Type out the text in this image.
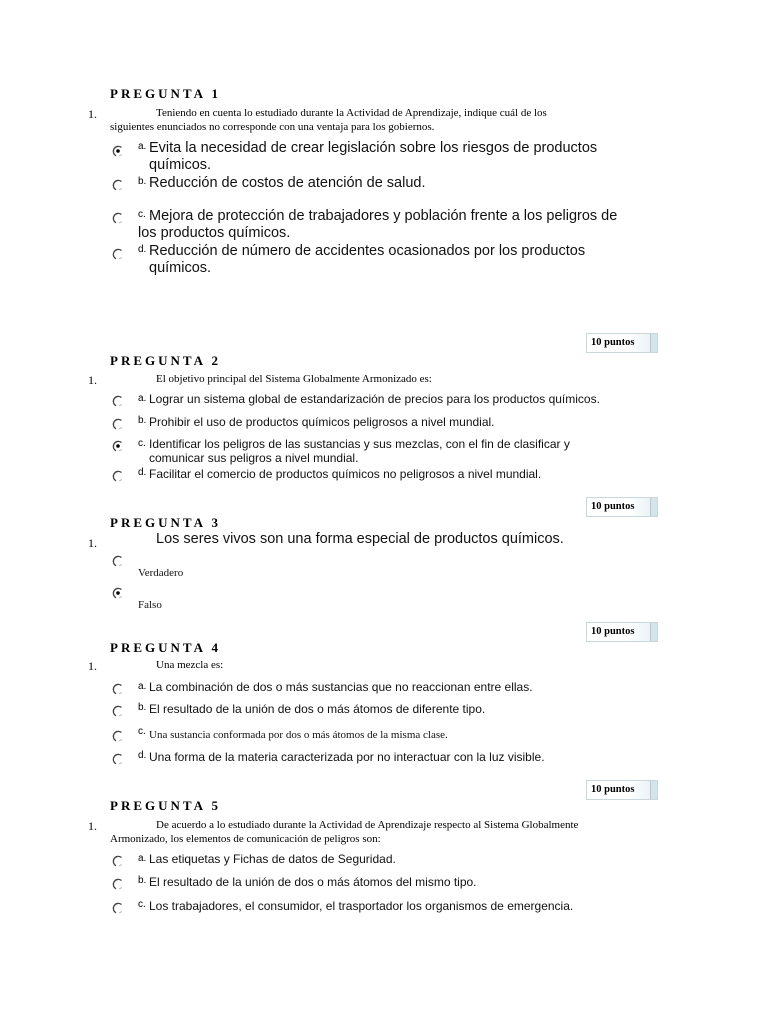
PREGUNTA 1
1.	Teniendo en cuenta lo estudiado durante la Actividad de Aprendizaje, indique cuál de los
siguientes enunciados no corresponde con una ventaja para los gobiernos.
a. Evita la necesidad de crear legislación sobre los riesgos de productos
químicos.
b. Reducción de costos de atención de salud.
c. Mejora de protección de trabajadores y población frente a los peligros de
los productos químicos.
d. Reducción de número de accidentes ocasionados por los productos
químicos.
10 puntos
PREGUNTA 2
1.	El objetivo principal del Sistema Globalmente Armonizado es:
a. Lograr un sistema global de estandarización de precios para los productos químicos.
b. Prohibir el uso de productos químicos peligrosos a nivel mundial.
c. Identificar los peligros de las sustancias y sus mezclas, con el fin de clasificar y
comunicar sus peligros a nivel mundial.
d. Facilitar el comercio de productos químicos no peligrosos a nivel mundial.
10 puntos
PREGUNTA 3
1.	Los seres vivos son una forma especial de productos químicos.
Verdadero
Falso
10 puntos
PREGUNTA 4
1.	Una mezcla es:
a. La combinación de dos o más sustancias que no reaccionan entre ellas.
b. El resultado de la unión de dos o más átomos de diferente tipo.
c. Una sustancia conformada por dos o más átomos de la misma clase.
d. Una forma de la materia caracterizada por no interactuar con la luz visible.
10 puntos
PREGUNTA 5
1.	De acuerdo a lo estudiado durante la Actividad de Aprendizaje respecto al Sistema Globalmente
Armonizado, los elementos de comunicación de peligros son:
a. Las etiquetas y Fichas de datos de Seguridad.
b. El resultado de la unión de dos o más átomos del mismo tipo.
c. Los trabajadores, el consumidor, el trasportador los organismos de emergencia.
